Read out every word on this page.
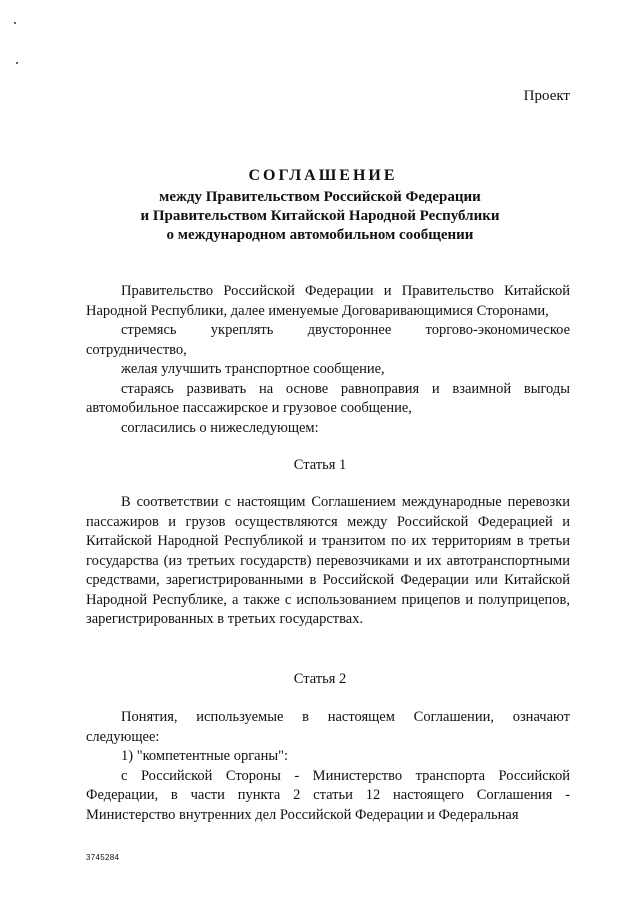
Проект
СОГЛАШЕНИЕ
между Правительством Российской Федерации
и Правительством Китайской Народной Республики
о международном автомобильном сообщении

Правительство Российской Федерации и Правительство Китайской Народной Республики, далее именуемые Договаривающимися Сторонами,

стремясь укреплять двустороннее торгово-экономическое сотрудничество,

желая улучшить транспортное сообщение,

стараясь развивать на основе равноправия и взаимной выгоды автомобильное пассажирское и грузовое сообщение,

согласились о нижеследующем:

Статья 1

В соответствии с настоящим Соглашением международные перевозки пассажиров и грузов осуществляются между Российской Федерацией и Китайской Народной Республикой и транзитом по их территориям в третьи государства (из третьих государств) перевозчиками и их автотранспортными средствами, зарегистрированными в Российской Федерации или Китайской Народной Республике, а также с использованием прицепов и полуприцепов, зарегистрированных в третьих государствах.

Статья 2

Понятия, используемые в настоящем Соглашении, означают следующее:

1) "компетентные органы":

с Российской Стороны - Министерство транспорта Российской Федерации, в части пункта 2 статьи 12 настоящего Соглашения - Министерство внутренних дел Российской Федерации и Федеральная

3745284
